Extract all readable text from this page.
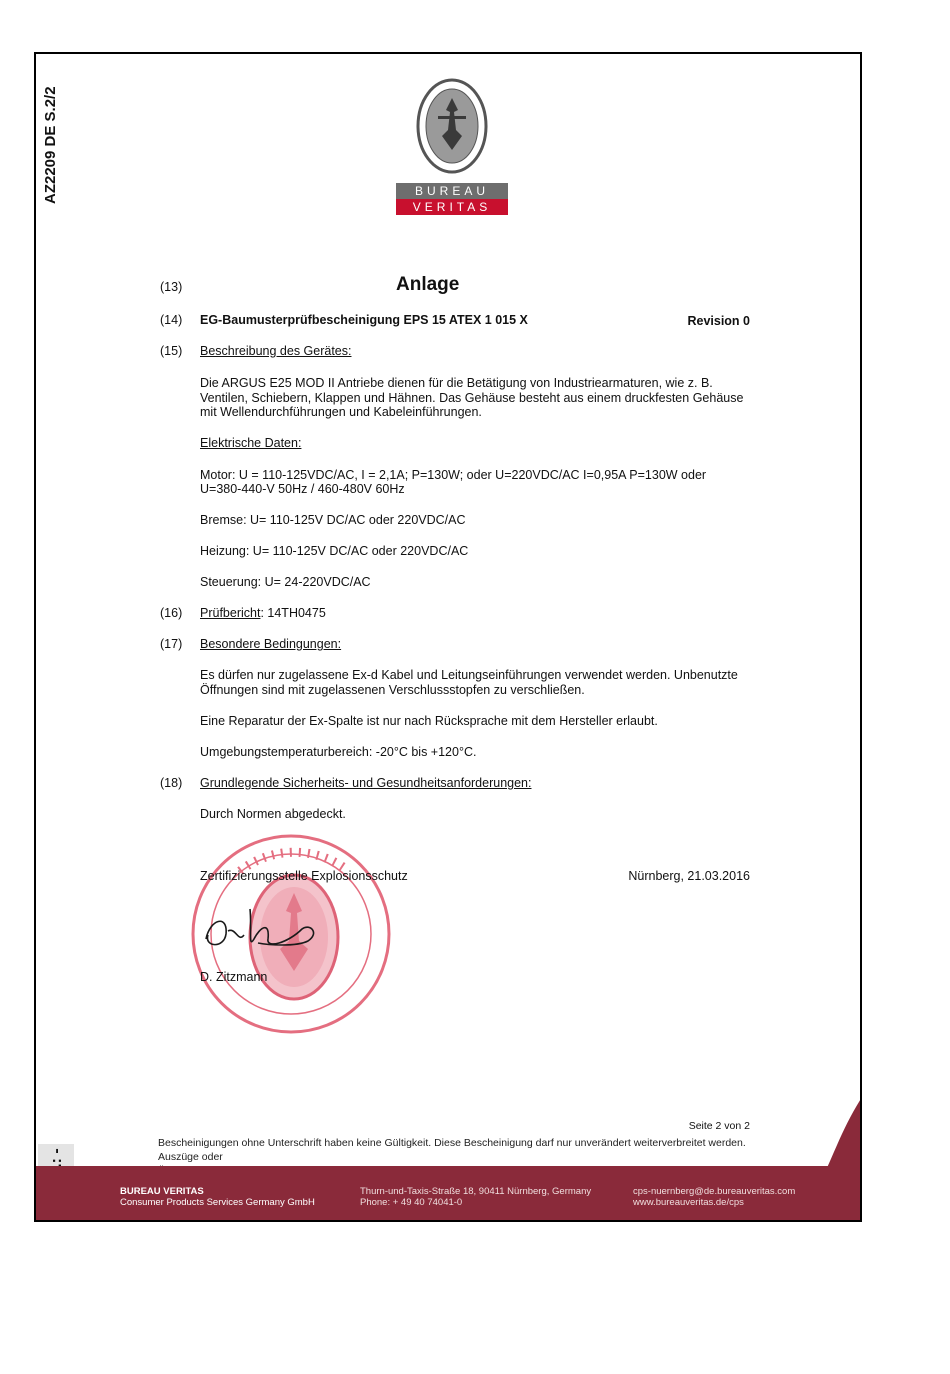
AZ2209 DE S.2/2	BUREAU
VERITAS
(13)	Anlage
(14) EG-Baumusterprüfbescheinigung EPS 15 ATEX 1 015 X	Revision 0
(15) Beschreibung des Gerätes:
Die ARGUS E25 MOD II Antriebe dienen für die Betätigung von Industriearmaturen, wie z. B.
Ventilen, Schiebern, Klappen und Hähnen. Das Gehäuse besteht aus einem druckfesten Gehäuse
mit Wellendurchführungen und Kabeleinführungen.
Elektrische Daten:
Motor: U = 110-125VDC/AC, I = 2,1A; P=130W; oder U=220VDC/AC I=0,95A P=130W oder
U=380-440-V 50Hz / 460-480V 60Hz
Bremse: U= 110-125V DC/AC oder 220VDC/AC
Heizung: U= 110-125V DC/AC oder 220VDC/AC
Steuerung: U= 24-220VDC/AC
(16) Prüfbericht: 14TH0475
(17) Besondere Bedingungen:
Es dürfen nur zugelassene Ex-d Kabel und Leitungseinführungen verwendet werden. Unbenutzte
Öffnungen sind mit zugelassenen Verschlussstopfen zu verschließen.
Eine Reparatur der Ex-Spalte ist nur nach Rücksprache mit dem Hersteller erlaubt.
Umgebungstemperaturbereich: -20°C bis +120°C.
(18) Grundlegende Sicherheits- und Gesundheitsanforderungen:
Durch Normen abgedeckt.
Zertifizierungsstelle Explosionsschutz	Nürnberg, 21.03.2016
D. Zitzmann
Seite 2 von 2
Bescheinigungen ohne Unterschrift haben keine Gültigkeit. Diese Bescheinigung darf nur unverändert weiterverbreitet werden. Auszüge oder
BUREAU VERITAS
Consumer Products Services Germany GmbH
Thurn-und-Taxis-Straße 18, 90411 Nürnberg, Germany
Phone: + 49 40 74041-0
cps-nuernberg@de.bureauveritas.com
www.bureauveritas.de/cps
